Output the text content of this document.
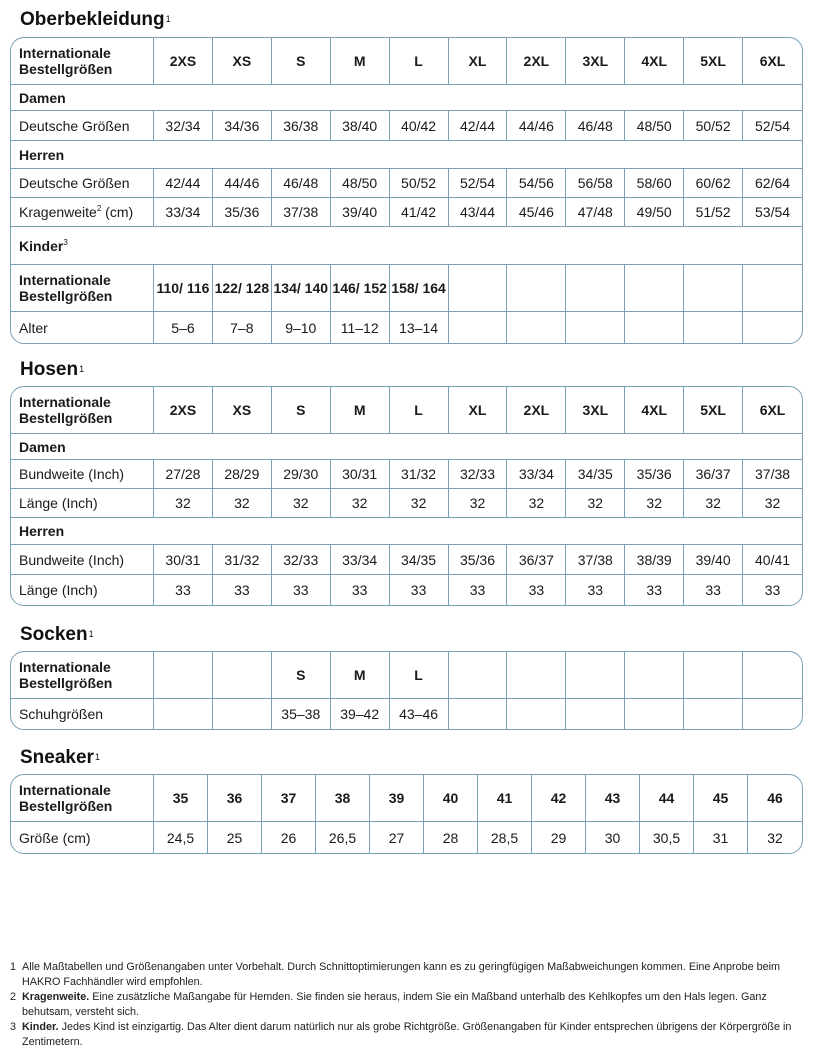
Oberbekleidung$^1$
Internationale Bestellgrößen	2XS	XS	S	M	L	XL	2XL	3XL	4XL	5XL	6XL
Damen											
Deutsche Größen	32/34	34/36	36/38	38/40	40/42	42/44	44/46	46/48	48/50	50/52	52/54
Herren											
Deutsche Größen	42/44	44/46	46/48	48/50	50/52	52/54	54/56	56/58	58/60	60/62	62/64
Kragenweite$^2$ (cm)	33/34	35/36	37/38	39/40	41/42	43/44	45/46	47/48	49/50	51/52	53/54
Kinder$^3$
Internationale Bestellgrößen	110/ 116	122/ 128	134/ 140	146/ 152	158/ 164						
Alter	5–6	7–8	9–10	11–12	13–14						
Hosen$^1$
Internationale Bestellgrößen	2XS	XS	S	M	L	XL	2XL	3XL	4XL	5XL	6XL
Damen											
Bundweite (Inch)	27/28	28/29	29/30	30/31	31/32	32/33	33/34	34/35	35/36	36/37	37/38
Länge (Inch)	32	32	32	32	32	32	32	32	32	32	32
Herren											
Bundweite (Inch)	30/31	31/32	32/33	33/34	34/35	35/36	36/37	37/38	38/39	39/40	40/41
Länge (Inch)	33	33	33	33	33	33	33	33	33	33	33
Socken$^1$
Internationale Bestellgrößen			S	M	L						
Schuhgrößen			35–38	39–42	43–46						
Sneaker$^1$
Internationale Bestellgrößen	35	36	37	38	39	40	41	42	43	44	45	46
Größe (cm)	24,5	25	26	26,5	27	28	28,5	29	30	30,5	31	32
1 Alle Maßtabellen und Größenangaben unter Vorbehalt. Durch Schnittoptimierungen kann es zu geringfügigen Maßabweichungen kommen. Eine Anprobe beim HAKRO Fachhändler wird empfohlen.
2 Kragenweite. Eine zusätzliche Maßangabe für Hemden. Sie finden sie heraus, indem Sie ein Maßband unterhalb des Kehlkopfes um den Hals legen. Ganz behutsam, versteht sich.
3 Kinder. Jedes Kind ist einzigartig. Das Alter dient darum natürlich nur als grobe Richtgröße. Größenangaben für Kinder entsprechen übrigens der Körpergröße in Zentimetern.
